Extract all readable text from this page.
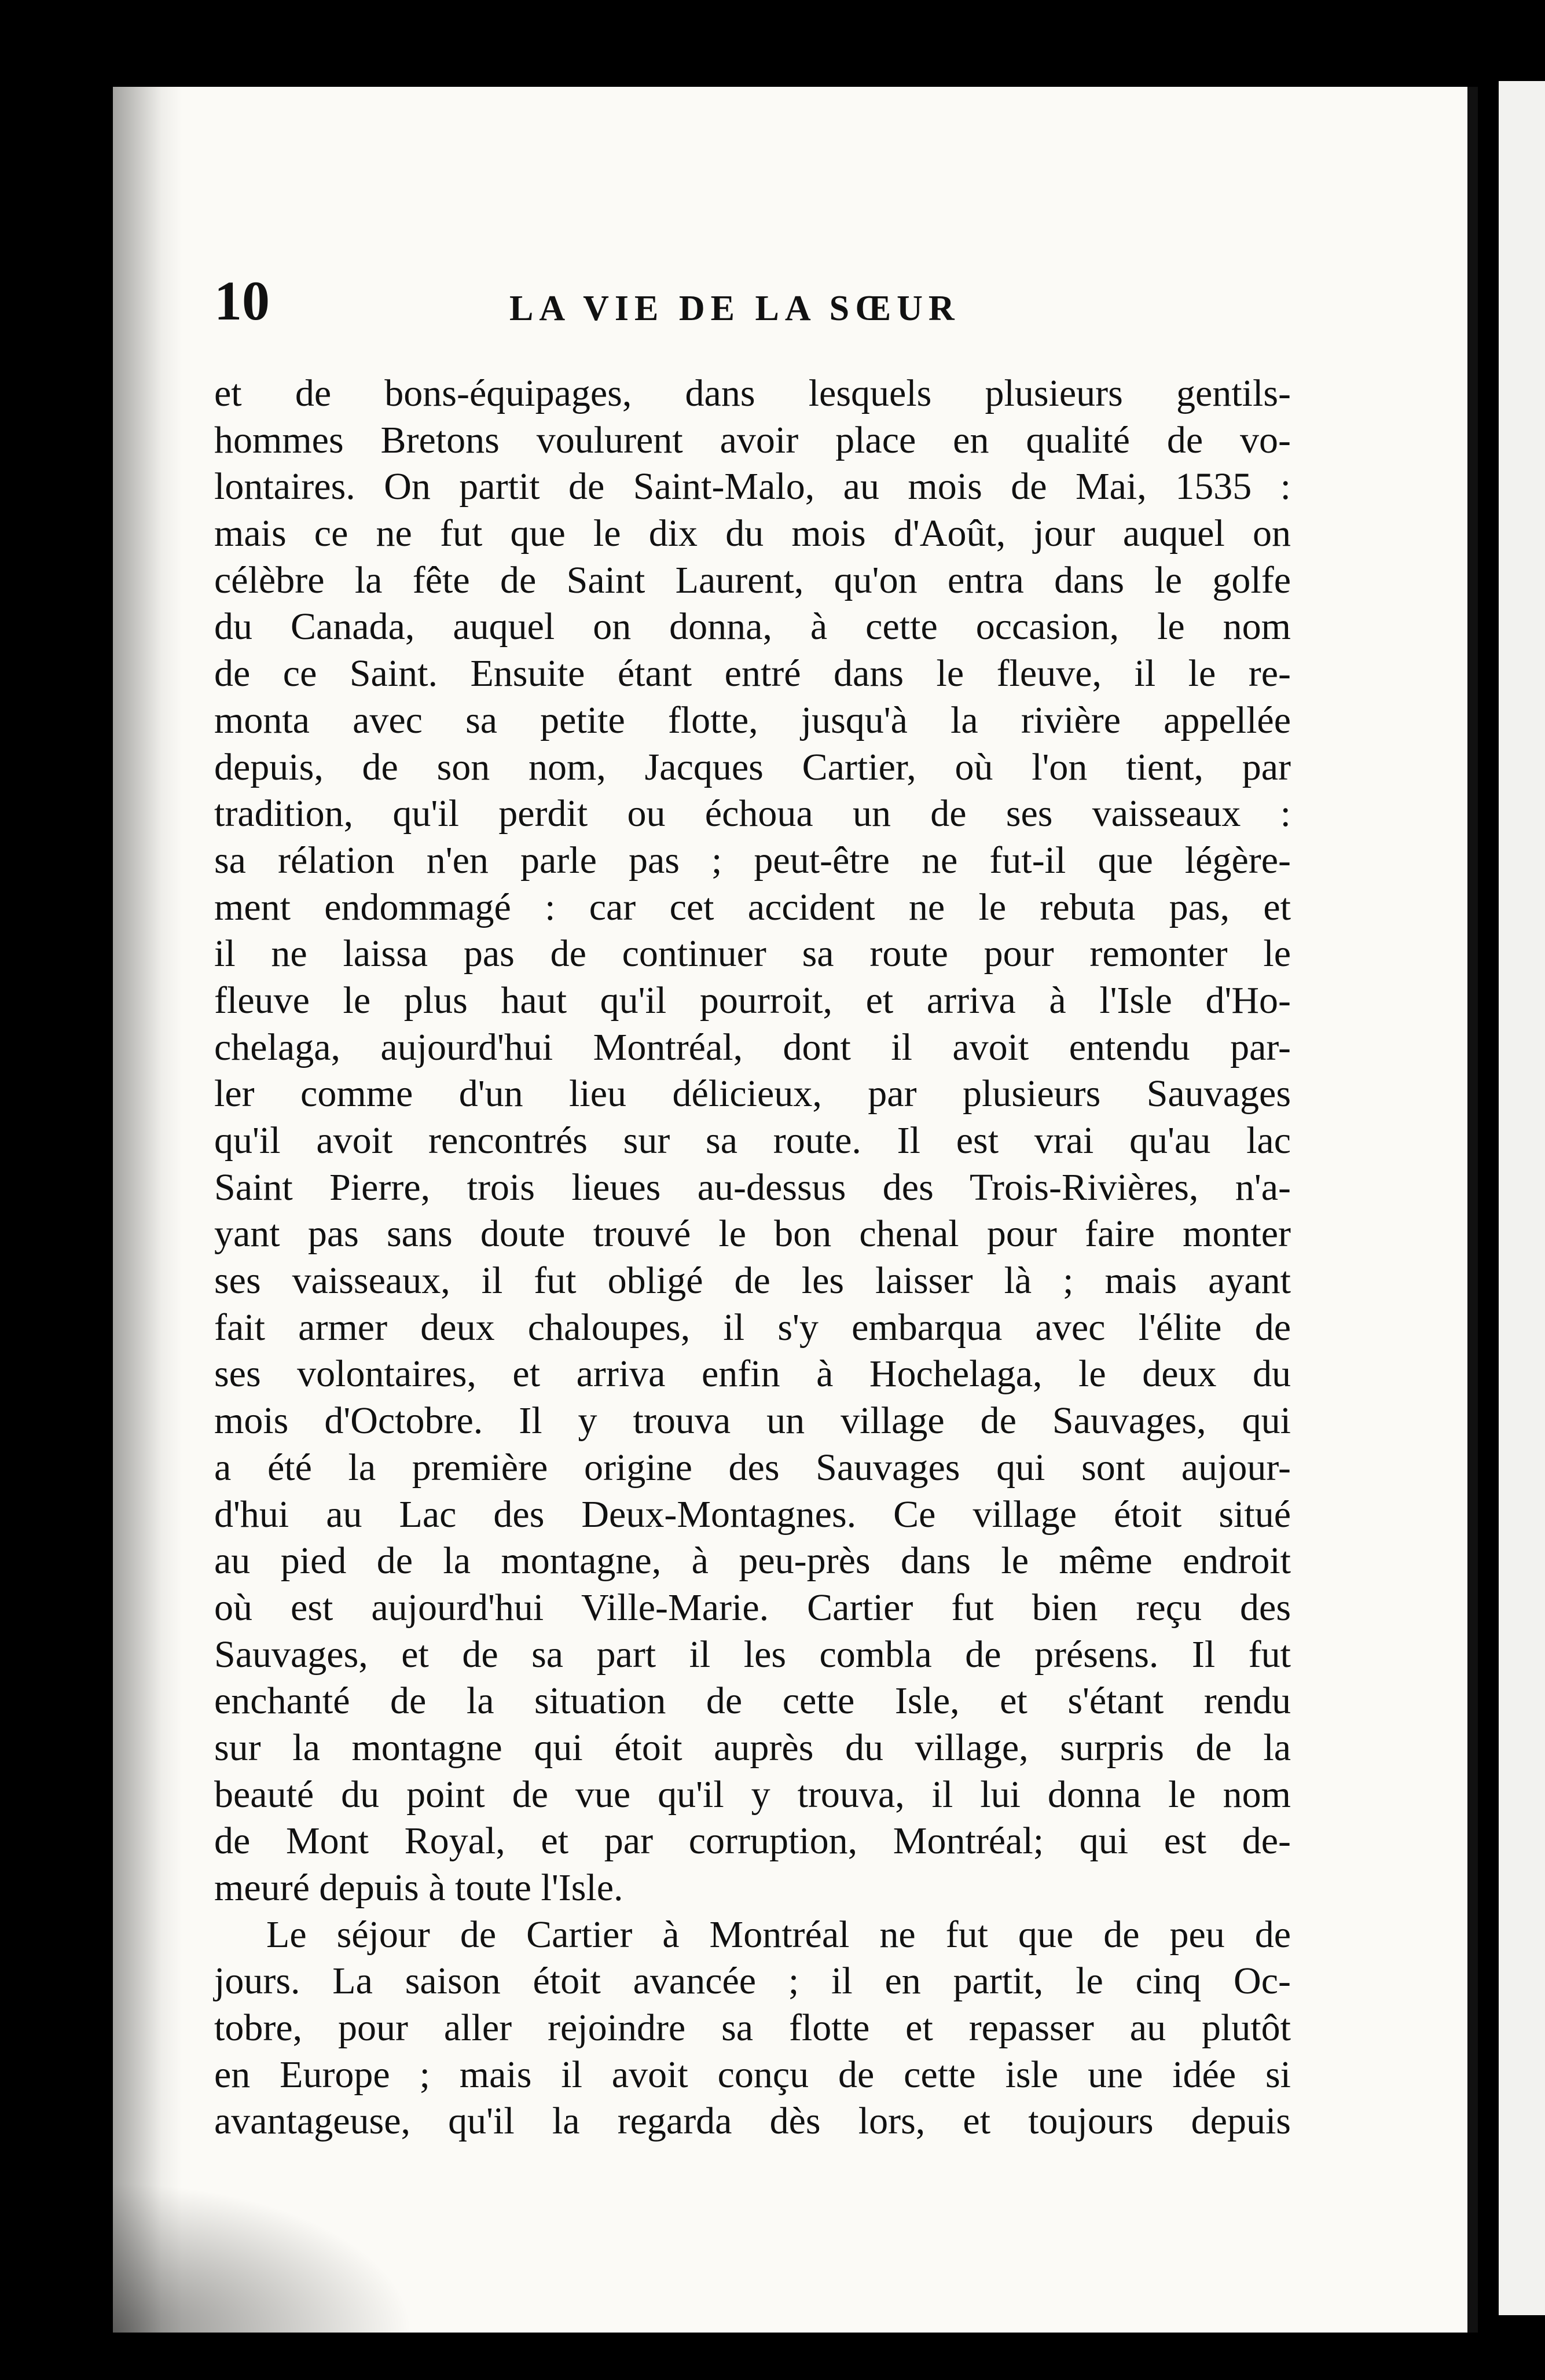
10	LA VIE DE LA SŒUR
et de bons-équipages, dans lesquels plusieurs gentils-
hommes Bretons voulurent avoir place en qualité de vo-
lontaires. On partit de Saint-Malo, au mois de Mai, 1535 :
mais ce ne fut que le dix du mois d'Août, jour auquel on
célèbre la fête de Saint Laurent, qu'on entra dans le golfe
du Canada, auquel on donna, à cette occasion, le nom
de ce Saint. Ensuite étant entré dans le fleuve, il le re-
monta avec sa petite flotte, jusqu'à la rivière appellée
depuis, de son nom, Jacques Cartier, où l'on tient, par
tradition, qu'il perdit ou échoua un de ses vaisseaux :
sa rélation n'en parle pas ; peut-être ne fut-il que légère-
ment endommagé : car cet accident ne le rebuta pas, et
il ne laissa pas de continuer sa route pour remonter le
fleuve le plus haut qu'il pourroit, et arriva à l'Isle d'Ho-
chelaga, aujourd'hui Montréal, dont il avoit entendu par-
ler comme d'un lieu délicieux, par plusieurs Sauvages
qu'il avoit rencontrés sur sa route. Il est vrai qu'au lac
Saint Pierre, trois lieues au-dessus des Trois-Rivières, n'a-
yant pas sans doute trouvé le bon chenal pour faire monter
ses vaisseaux, il fut obligé de les laisser là ; mais ayant
fait armer deux chaloupes, il s'y embarqua avec l'élite de
ses volontaires, et arriva enfin à Hochelaga, le deux du
mois d'Octobre. Il y trouva un village de Sauvages, qui
a été la première origine des Sauvages qui sont aujour-
d'hui au Lac des Deux-Montagnes. Ce village étoit situé
au pied de la montagne, à peu-près dans le même endroit
où est aujourd'hui Ville-Marie. Cartier fut bien reçu des
Sauvages, et de sa part il les combla de présens. Il fut
enchanté de la situation de cette Isle, et s'étant rendu
sur la montagne qui étoit auprès du village, surpris de la
beauté du point de vue qu'il y trouva, il lui donna le nom
de Mont Royal, et par corruption, Montréal; qui est de-
meuré depuis à toute l'Isle.
Le séjour de Cartier à Montréal ne fut que de peu de
jours. La saison étoit avancée ; il en partit, le cinq Oc-
tobre, pour aller rejoindre sa flotte et repasser au plutôt
en Europe ; mais il avoit conçu de cette isle une idée si
avantageuse, qu'il la regarda dès lors, et toujours depuis
